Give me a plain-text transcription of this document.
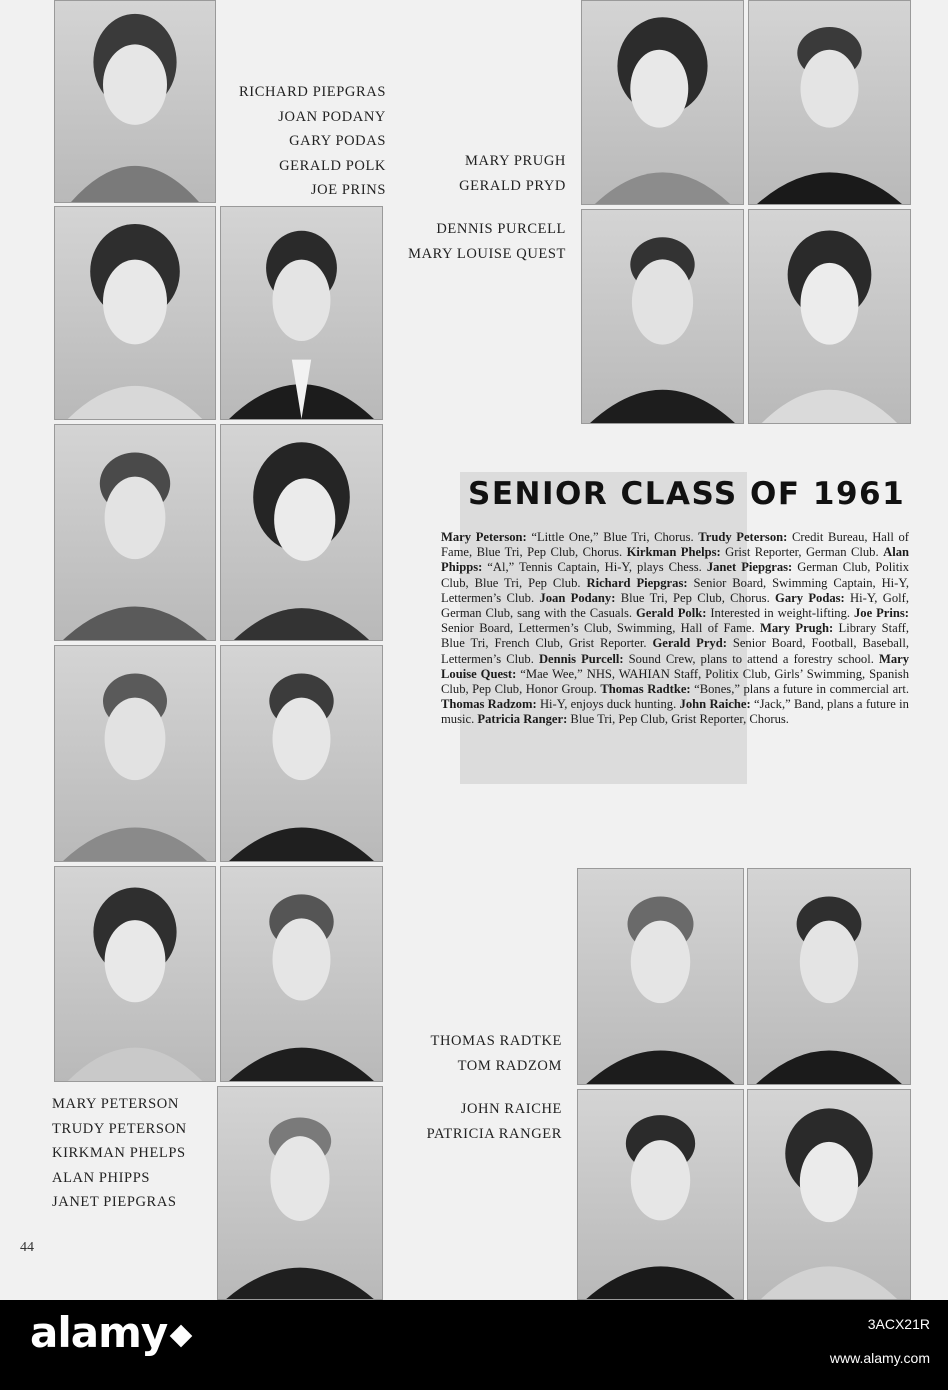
RICHARD PIEPGRAS
JOAN PODANY
GARY PODAS
GERALD POLK
JOE PRINS
MARY PRUGH
GERALD PRYD
DENNIS PURCELL
MARY LOUISE QUEST
SENIOR CLASS OF 1961
Mary Peterson: “Little One,” Blue Tri, Chorus. Trudy Peterson: Credit Bureau, Hall of Fame, Blue Tri, Pep Club, Chorus. Kirkman Phelps: Grist Reporter, German Club. Alan Phipps: “Al,” Tennis Captain, Hi-Y, plays Chess. Janet Piepgras: German Club, Politix Club, Blue Tri, Pep Club. Richard Piepgras: Senior Board, Swimming Captain, Hi-Y, Lettermen’s Club. Joan Podany: Blue Tri, Pep Club, Chorus. Gary Podas: Hi-Y, Golf, German Club, sang with the Casuals. Gerald Polk: Interested in weight-lifting. Joe Prins: Senior Board, Lettermen’s Club, Swimming, Hall of Fame. Mary Prugh: Library Staff, Blue Tri, French Club, Grist Reporter. Gerald Pryd: Senior Board, Football, Baseball, Lettermen’s Club. Dennis Purcell: Sound Crew, plans to attend a forestry school. Mary Louise Quest: “Mae Wee,” NHS, WAHIAN Staff, Politix Club, Girls’ Swimming, Spanish Club, Pep Club, Honor Group. Thomas Radtke: “Bones,” plans a future in commercial art. Thomas Radzom: Hi-Y, enjoys duck hunting. John Raiche: “Jack,” Band, plans a future in music. Patricia Ranger: Blue Tri, Pep Club, Grist Reporter, Chorus.
THOMAS RADTKE
TOM RADZOM
JOHN RAICHE
PATRICIA RANGER
MARY PETERSON
TRUDY PETERSON
KIRKMAN PHELPS
ALAN PHIPPS
JANET PIEPGRAS
44
alamy	3ACX21R
www.alamy.com
